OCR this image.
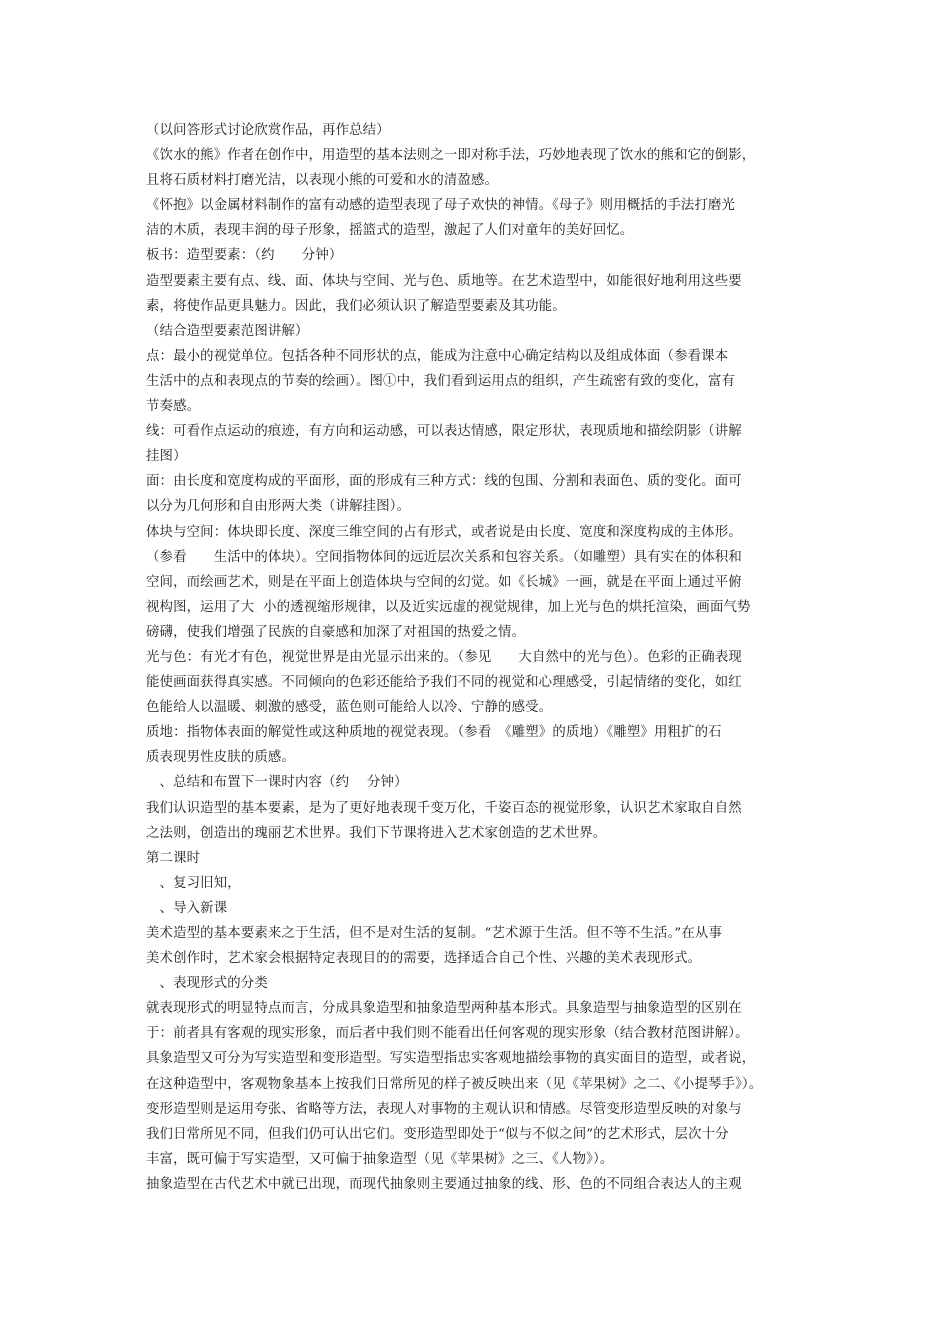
（以问答形式讨论欣赏作品，再作总结）
《饮水的熊》作者在创作中，用造型的基本法则之一即对称手法，巧妙地表现了饮水的熊和它的倒影，
且将石质材料打磨光洁，以表现小熊的可爱和水的清盈感。
《怀抱》以金属材料制作的富有动感的造型表现了母子欢快的神情。《母子》则用概括的手法打磨光
洁的木质，表现丰润的母子形象，摇篮式的造型，激起了人们对童年的美好回忆。
板书：造型要素：（约　　分钟）
造型要素主要有点、线、面、体块与空间、光与色、质地等。在艺术造型中，如能很好地利用这些要
素，将使作品更具魅力。因此，我们必须认识了解造型要素及其功能。
（结合造型要素范图讲解）
点：最小的视觉单位。包括各种不同形状的点，能成为注意中心确定结构以及组成体面（参看课本
生活中的点和表现点的节奏的绘画）。图①中，我们看到运用点的组织，产生疏密有致的变化，富有
节奏感。
线：可看作点运动的痕迹，有方向和运动感，可以表达情感，限定形状，表现质地和描绘阴影（讲解
挂图）
面：由长度和宽度构成的平面形，面的形成有三种方式：线的包围、分割和表面色、质的变化。面可
以分为几何形和自由形两大类（讲解挂图）。
体块与空间：体块即长度、深度三维空间的占有形式，或者说是由长度、宽度和深度构成的主体形。
（参看　　生活中的体块）。空间指物体间的远近层次关系和包容关系。（如雕塑）具有实在的体积和
空间，而绘画艺术，则是在平面上创造体块与空间的幻觉。如《长城》一画，就是在平面上通过平俯
视构图，运用了大  小的透视缩形规律，以及近实远虚的视觉规律，加上光与色的烘托渲染，画面气势
磅礴，使我们增强了民族的自豪感和加深了对祖国的热爱之情。
光与色：有光才有色，视觉世界是由光显示出来的。（参见　　大自然中的光与色）。色彩的正确表现
能使画面获得真实感。不同倾向的色彩还能给予我们不同的视觉和心理感受，引起情绪的变化，如红
色能给人以温暖、刺激的感受，蓝色则可能给人以冷、宁静的感受。
质地：指物体表面的解觉性或这种质地的视觉表现。（参看　《雕塑》的质地）《雕塑》用粗扩的石
质表现男性皮肤的质感。
　、总结和布置下一课时内容（约　 分钟）
我们认识造型的基本要素，是为了更好地表现千变万化，千姿百态的视觉形象，认识艺术家取自自然
之法则，创造出的瑰丽艺术世界。我们下节课将进入艺术家创造的艺术世界。
第二课时
　、复习旧知，
　、导入新课
美术造型的基本要素来之于生活，但不是对生活的复制。“艺术源于生活。但不等不生活。”在从事
美术创作时，艺术家会根据特定表现目的的需要，选择适合自己个性、兴趣的美术表现形式。
　、表现形式的分类
就表现形式的明显特点而言，分成具象造型和抽象造型两种基本形式。具象造型与抽象造型的区别在
于：前者具有客观的现实形象，而后者中我们则不能看出任何客观的现实形象（结合教材范图讲解）。
具象造型又可分为写实造型和变形造型。写实造型指忠实客观地描绘事物的真实面目的造型，或者说，
在这种造型中，客观物象基本上按我们日常所见的样子被反映出来（见《苹果树》之二、《小提琴手》）。
变形造型则是运用夸张、省略等方法，表现人对事物的主观认识和情感。尽管变形造型反映的对象与
我们日常所见不同，但我们仍可认出它们。变形造型即处于“似与不似之间”的艺术形式，层次十分
丰富，既可偏于写实造型，又可偏于抽象造型（见《苹果树》之三、《人物》）。
抽象造型在古代艺术中就已出现，而现代抽象则主要通过抽象的线、形、色的不同组合表达人的主观
